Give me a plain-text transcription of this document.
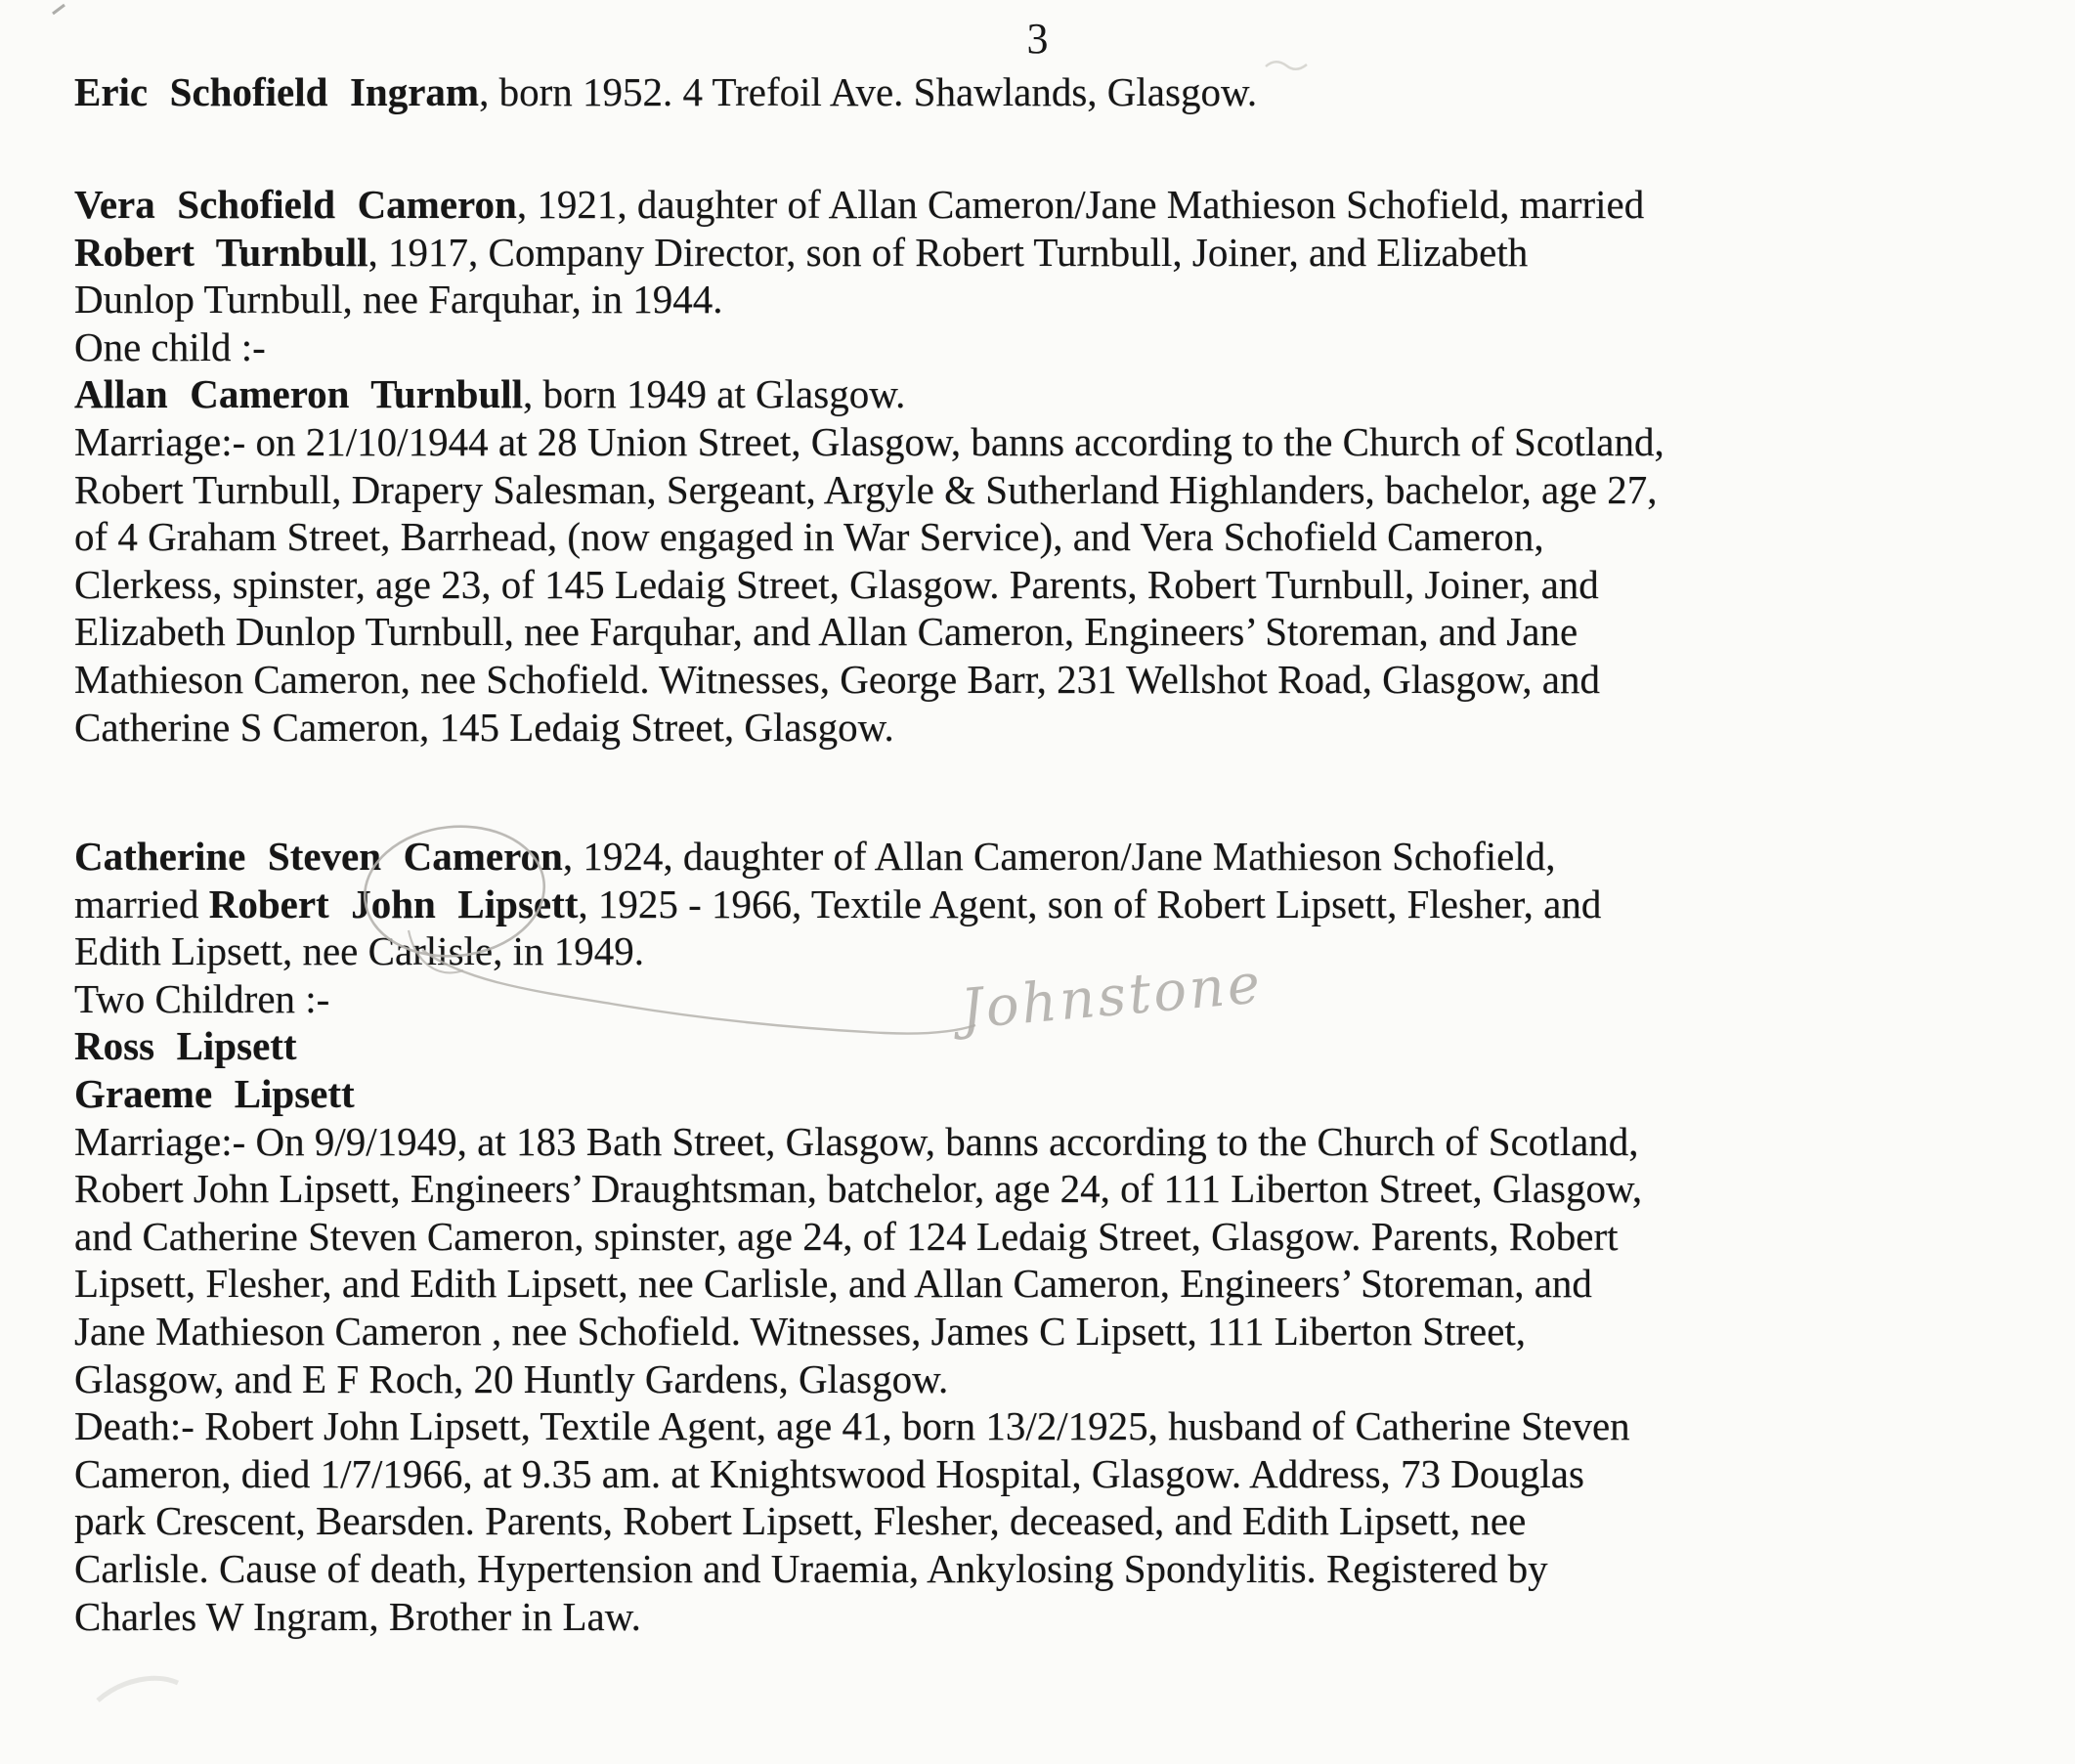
3
Eric Schofield Ingram, born 1952. 4 Trefoil Ave. Shawlands, Glasgow.
Vera Schofield Cameron, 1921, daughter of Allan Cameron/Jane Mathieson Schofield, married
Robert Turnbull, 1917, Company Director, son of Robert Turnbull, Joiner, and Elizabeth
Dunlop Turnbull, nee Farquhar, in 1944.
One child :-
Allan Cameron Turnbull, born 1949 at Glasgow.
Marriage:- on 21/10/1944 at 28 Union Street, Glasgow, banns according to the Church of Scotland,
Robert Turnbull, Drapery Salesman, Sergeant, Argyle & Sutherland Highlanders, bachelor, age 27,
of 4 Graham Street, Barrhead, (now engaged in War Service), and Vera Schofield Cameron,
Clerkess, spinster, age 23, of 145 Ledaig Street, Glasgow. Parents, Robert Turnbull, Joiner, and
Elizabeth Dunlop Turnbull, nee Farquhar, and Allan Cameron, Engineers’ Storeman, and Jane
Mathieson Cameron, nee Schofield. Witnesses, George Barr, 231 Wellshot Road, Glasgow, and
Catherine S Cameron, 145 Ledaig Street, Glasgow.
Catherine Steven Cameron, 1924, daughter of Allan Cameron/Jane Mathieson Schofield,
married Robert John Lipsett, 1925 - 1966, Textile Agent, son of Robert Lipsett, Flesher, and
Edith Lipsett, nee Carlisle, in 1949.
Two Children :-
Ross Lipsett
Graeme Lipsett
Marriage:- On 9/9/1949, at 183 Bath Street, Glasgow, banns according to the Church of Scotland,
Robert John Lipsett, Engineers’ Draughtsman, batchelor, age 24, of 111 Liberton Street, Glasgow,
and Catherine Steven Cameron, spinster, age 24, of 124 Ledaig Street, Glasgow. Parents, Robert
Lipsett, Flesher, and Edith Lipsett, nee Carlisle, and Allan Cameron, Engineers’ Storeman, and
Jane Mathieson Cameron , nee Schofield. Witnesses, James C Lipsett, 111 Liberton Street,
Glasgow, and E F Roch, 20 Huntly Gardens, Glasgow.
Death:- Robert John Lipsett, Textile Agent, age 41, born 13/2/1925, husband of Catherine Steven
Cameron, died 1/7/1966, at 9.35 am. at Knightswood Hospital, Glasgow. Address, 73 Douglas
park Crescent, Bearsden. Parents, Robert Lipsett, Flesher, deceased, and Edith Lipsett, nee
Carlisle. Cause of death, Hypertension and Uraemia, Ankylosing Spondylitis. Registered by
Charles W Ingram, Brother in Law.
Johnstone
